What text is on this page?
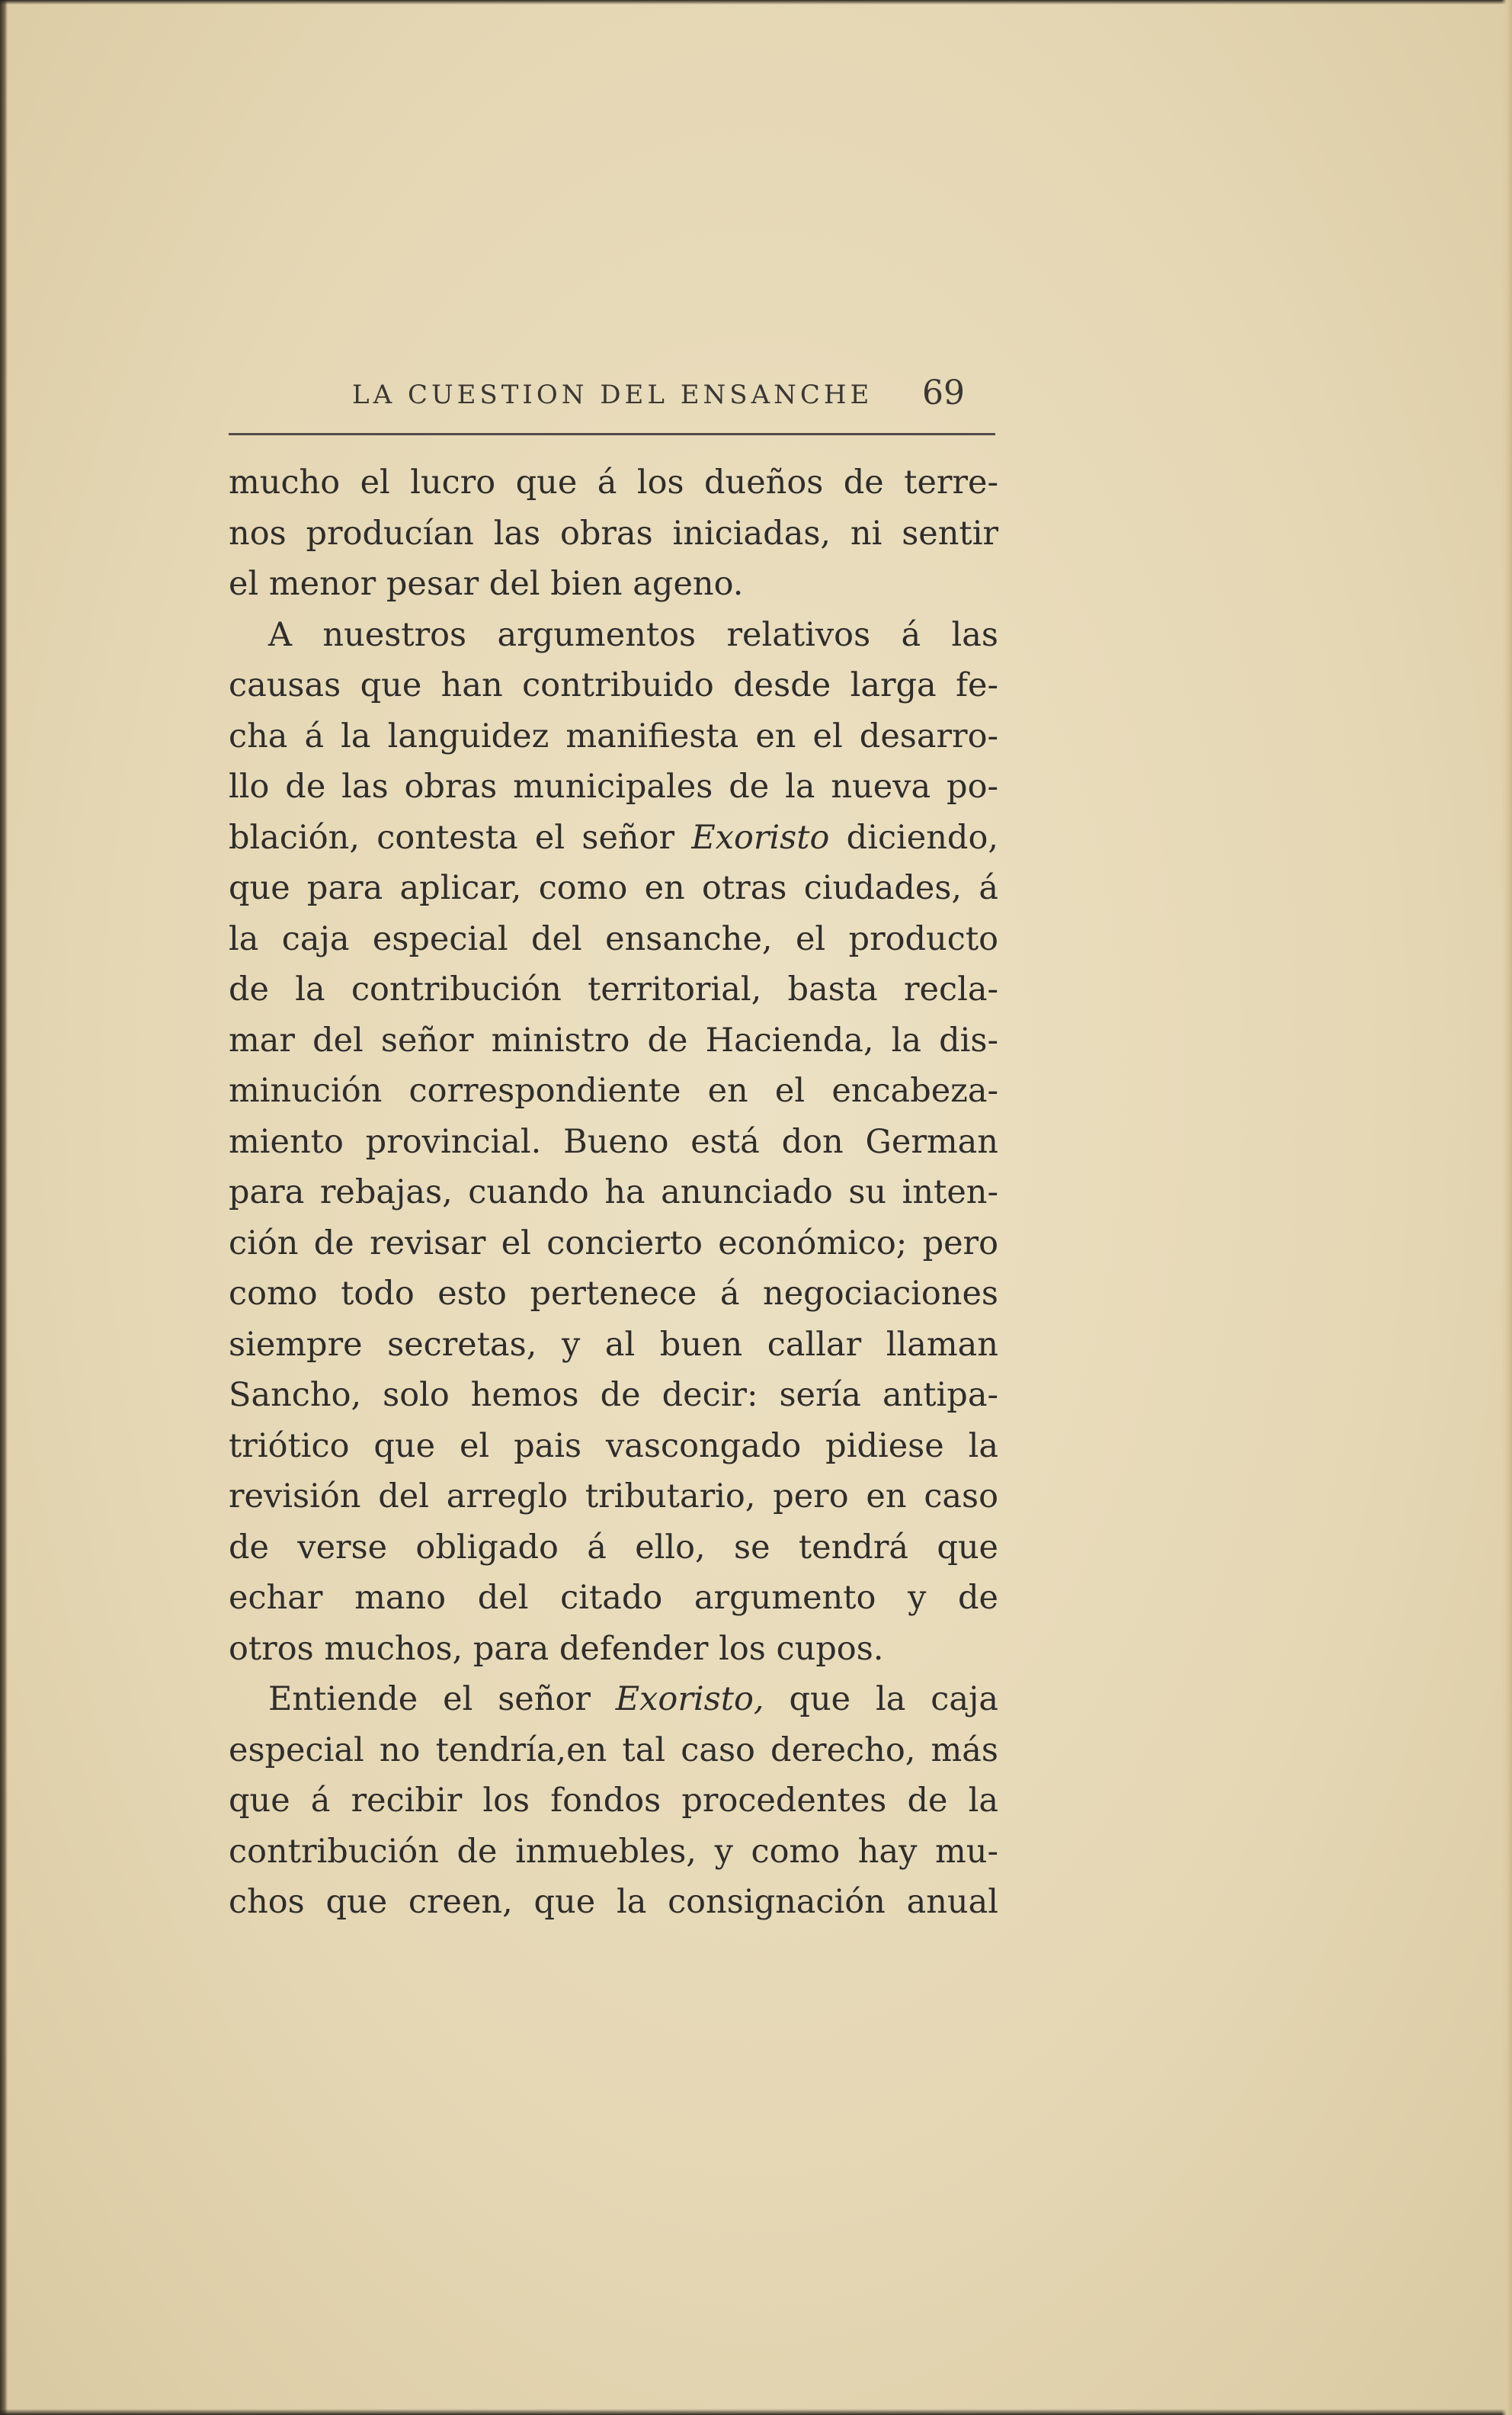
LA CUESTION DEL ENSANCHE 69
mucho el lucro que á los dueños de terre-
nos producían las obras iniciadas, ni sentir
el menor pesar del bien ageno.
A nuestros argumentos relativos á las
causas que han contribuido desde larga fe-
cha á la languidez manifiesta en el desarro-
llo de las obras municipales de la nueva po-
blación, contesta el señor Exoristo diciendo,
que para aplicar, como en otras ciudades, á
la caja especial del ensanche, el producto
de la contribución territorial, basta recla-
mar del señor ministro de Hacienda, la dis-
minución correspondiente en el encabeza-
miento provincial. Bueno está don German
para rebajas, cuando ha anunciado su inten-
ción de revisar el concierto económico; pero
como todo esto pertenece á negociaciones
siempre secretas, y al buen callar llaman
Sancho, solo hemos de decir: sería antipa-
triótico que el pais vascongado pidiese la
revisión del arreglo tributario, pero en caso
de verse obligado á ello, se tendrá que
echar mano del citado argumento y de
otros muchos, para defender los cupos.
Entiende el señor Exoristo, que la caja
especial no tendría,en tal caso derecho, más
que á recibir los fondos procedentes de la
contribución de inmuebles, y como hay mu-
chos que creen, que la consignación anual
